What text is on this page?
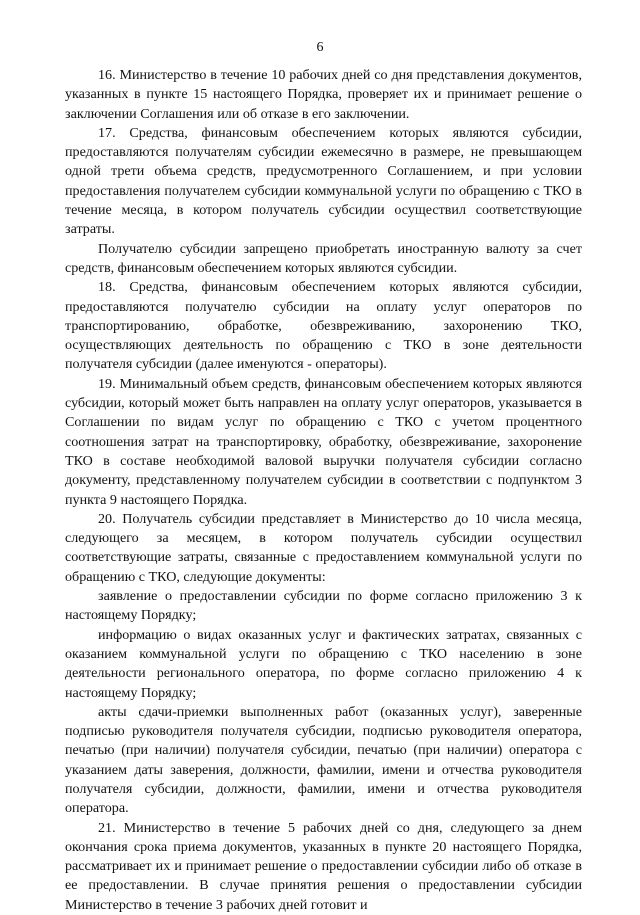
6

16. Министерство в течение 10 рабочих дней со дня представления документов, указанных в пункте 15 настоящего Порядка, проверяет их и принимает решение о заключении Соглашения или об отказе в его заключении.

17. Средства, финансовым обеспечением которых являются субсидии, предоставляются получателям субсидии ежемесячно в размере, не превышающем одной трети объема средств, предусмотренного Соглашением, и при условии предоставления получателем субсидии коммунальной услуги по обращению с ТКО в течение месяца, в котором получатель субсидии осуществил соответствующие затраты.

Получателю субсидии запрещено приобретать иностранную валюту за счет средств, финансовым обеспечением которых являются субсидии.

18. Средства, финансовым обеспечением которых являются субсидии, предоставляются получателю субсидии на оплату услуг операторов по транспортированию, обработке, обезвреживанию, захоронению ТКО, осуществляющих деятельность по обращению с ТКО в зоне деятельности получателя субсидии (далее именуются - операторы).

19. Минимальный объем средств, финансовым обеспечением которых являются субсидии, который может быть направлен на оплату услуг операторов, указывается в Соглашении по видам услуг по обращению с ТКО с учетом процентного соотношения затрат на транспортировку, обработку, обезвреживание, захоронение ТКО в составе необходимой валовой выручки получателя субсидии согласно документу, представленному получателем субсидии в соответствии с подпунктом 3 пункта 9 настоящего Порядка.

20. Получатель субсидии представляет в Министерство до 10 числа месяца, следующего за месяцем, в котором получатель субсидии осуществил соответствующие затраты, связанные с предоставлением коммунальной услуги по обращению с ТКО, следующие документы:

заявление о предоставлении субсидии по форме согласно приложению 3 к настоящему Порядку;

информацию о видах оказанных услуг и фактических затратах, связанных с оказанием коммунальной услуги по обращению с ТКО населению в зоне деятельности регионального оператора, по форме согласно приложению 4 к настоящему Порядку;

акты сдачи-приемки выполненных работ (оказанных услуг), заверенные подписью руководителя получателя субсидии, подписью руководителя оператора, печатью (при наличии) получателя субсидии, печатью (при наличии) оператора с указанием даты заверения, должности, фамилии, имени и отчества руководителя получателя субсидии, должности, фамилии, имени и отчества руководителя оператора.

21. Министерство в течение 5 рабочих дней со дня, следующего за днем окончания срока приема документов, указанных в пункте 20 настоящего Порядка, рассматривает их и принимает решение о предоставлении субсидии либо об отказе в ее предоставлении. В случае принятия решения о предоставлении субсидии Министерство в течение 3 рабочих дней готовит и
